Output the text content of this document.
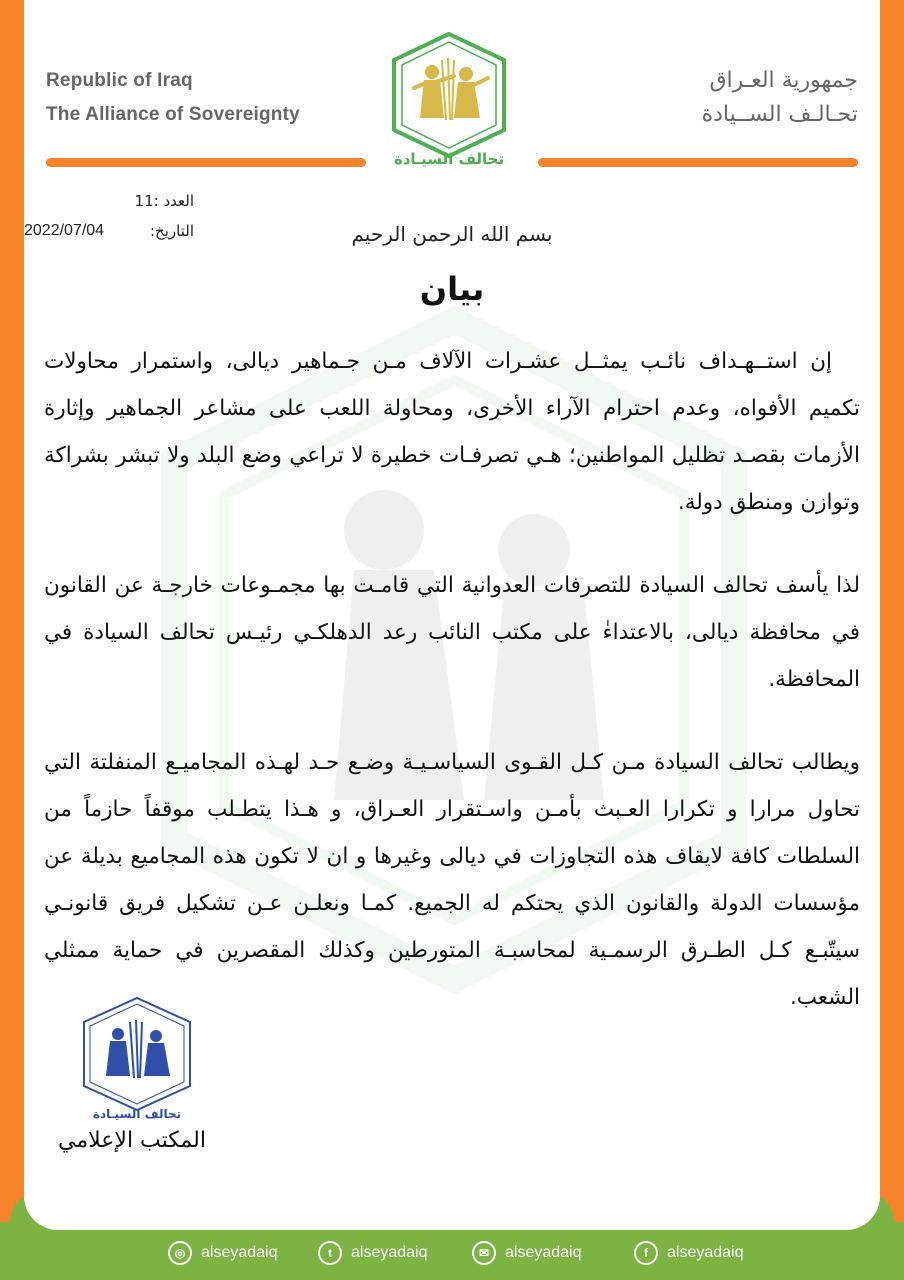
Republic of Iraq
The Alliance of Sovereignty
جمهورية العـراق
تحـالـف الســيادة
تحالف السيـادة
العدد :11
التاريخ:
2022/07/04	بسم الله الرحمن الرحيم
بيان

إن استــهـداف نائـب يمثــل عشـرات الآلاف مـن جـماهير ديالى، واستمرار محاولات تكميم الأفواه، وعدم احترام الآراء الأخرى، ومحاولة اللعب على مشاعر الجماهير وإثارة الأزمات بقصـد تظليل المواطنين؛ هـي تصرفـات خطيرة لا تراعي وضع البلد ولا تبشر بشراكة وتوازن ومنطق دولة.

لذا يأسف تحالف السيادة للتصرفات العدوانية التي قامـت بها مجمـوعات خارجـة عن القانون في محافظة ديالى، بالاعتداءٰ على مكتب النائب رعد الدهلكـي رئيـس تحالف السيادة في المحافظة.

ويطالب تحالف السيادة مـن كـل القـوى السياسـيـة وضـع حـد لهـذه المجاميـع المنفلتة التي تحاول مرارا و تكرارا العـبث بأمـن واسـتقرار العـراق، و هـذا يتطـلب موقفاً حازماً من السلطات كافة لايقاف هذه التجاوزات في ديالى وغيرها و ان لا تكون هذه المجاميع بديلة عن مؤسسات الدولة والقانون الذي يحتكم له الجميع. كمـا ونعلـن عـن تشكيل فريق قانونـي سيتّبـع كـل الطـرق الرسمـية لمحاسبـة المتورطين وكذلك المقصرين في حماية ممثلي الشعب.

تحالف السيـادة
المكتب الإعلامي
◎ alseyadaiq	t	alseyadaiq	✉ alseyadaiq	f	alseyadaiq
